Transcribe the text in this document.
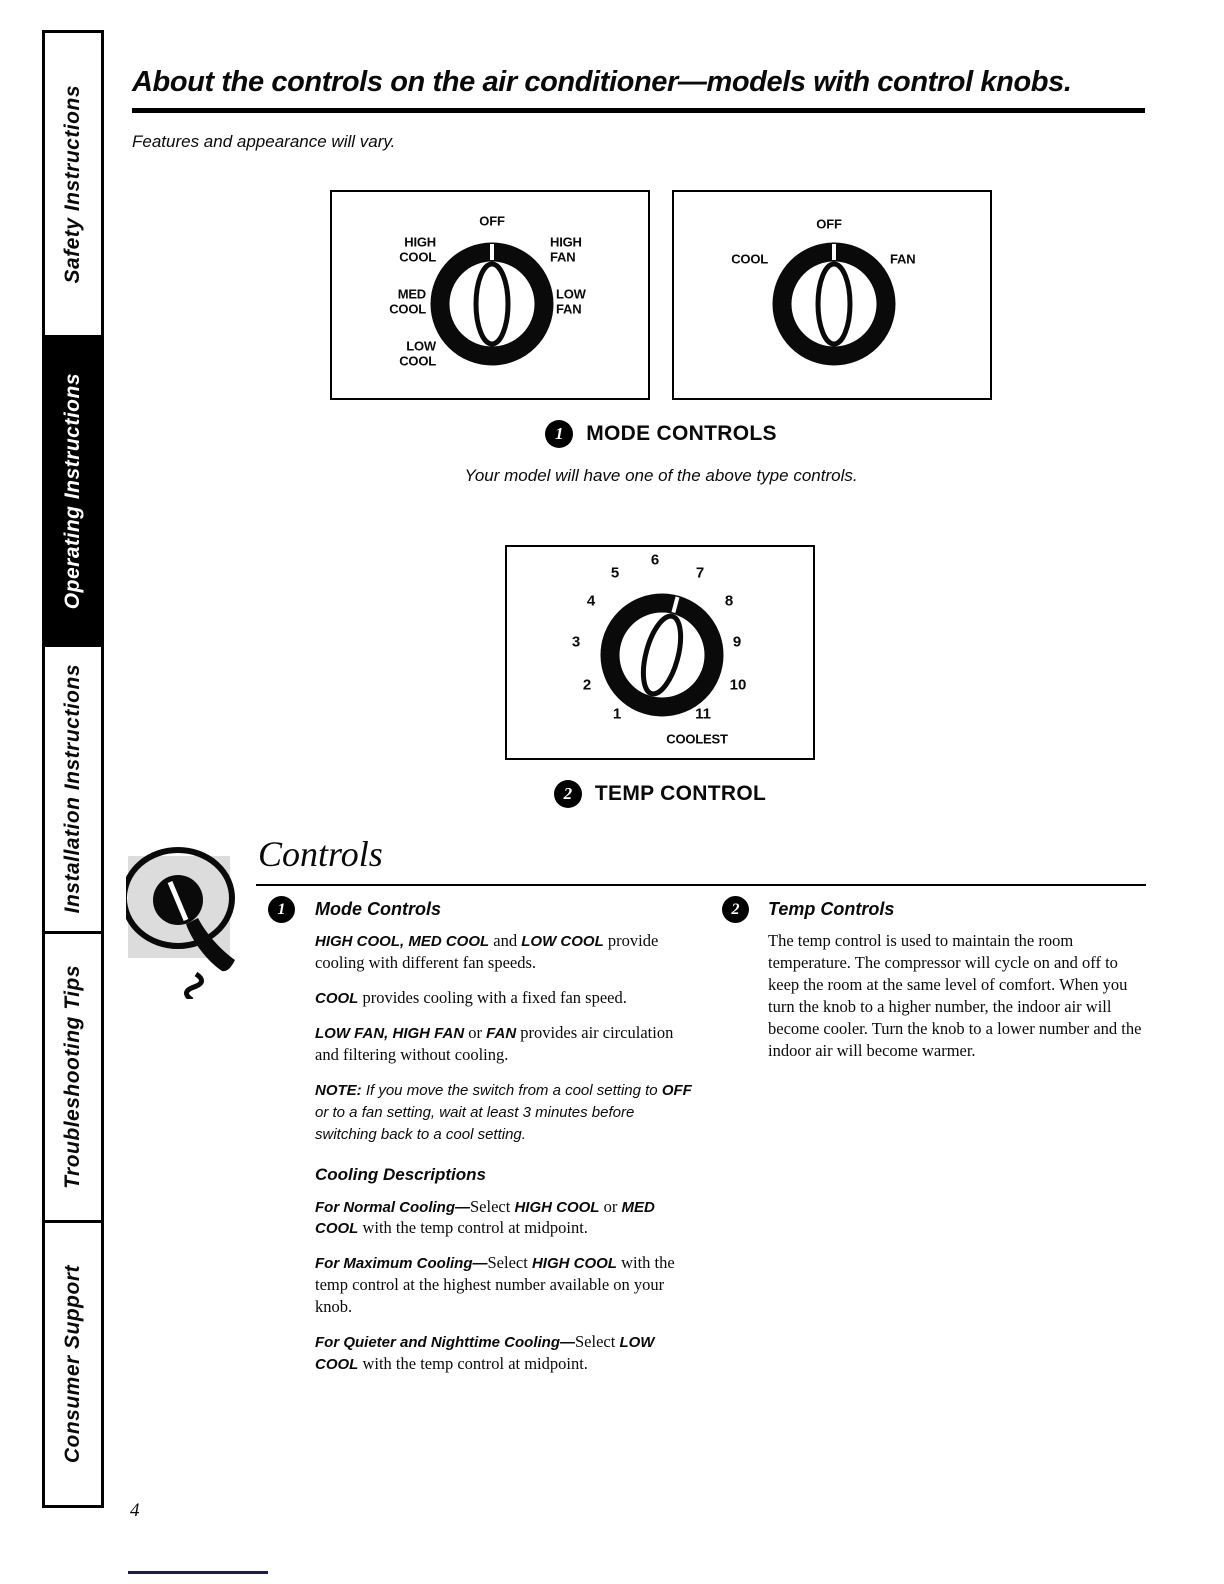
Safety Instructions
Operating Instructions
Installation Instructions
Troubleshooting Tips
Consumer Support
About the controls on the air conditioner—models with control knobs.
Features and appearance will vary.
OFF
HIGH COOL
MED COOL
LOW COOL
HIGH FAN
LOW FAN
OFF
COOL	FAN
1	MODE CONTROLS
Your model will have one of the above type controls.
1
2
3
4
5
6
7
8
9
10
11
COOLEST
2	TEMP CONTROL
Controls
1	Mode Controls

HIGH COOL, MED COOL and LOW COOL provide cooling with different fan speeds.

COOL provides cooling with a fixed fan speed.

LOW FAN, HIGH FAN or FAN provides air circulation and filtering without cooling.

NOTE: If you move the switch from a cool setting to OFF or to a fan setting, wait at least 3 minutes before switching back to a cool setting.

Cooling Descriptions

For Normal Cooling—Select HIGH COOL or MED COOL with the temp control at midpoint.

For Maximum Cooling—Select HIGH COOL with the temp control at the highest number available on your knob.

For Quieter and Nighttime Cooling—Select LOW COOL with the temp control at midpoint.

2	Temp Controls

The temp control is used to maintain the room temperature. The compressor will cycle on and off to keep the room at the same level of comfort. When you turn the knob to a higher number, the indoor air will become cooler. Turn the knob to a lower number and the indoor air will become warmer.

4
